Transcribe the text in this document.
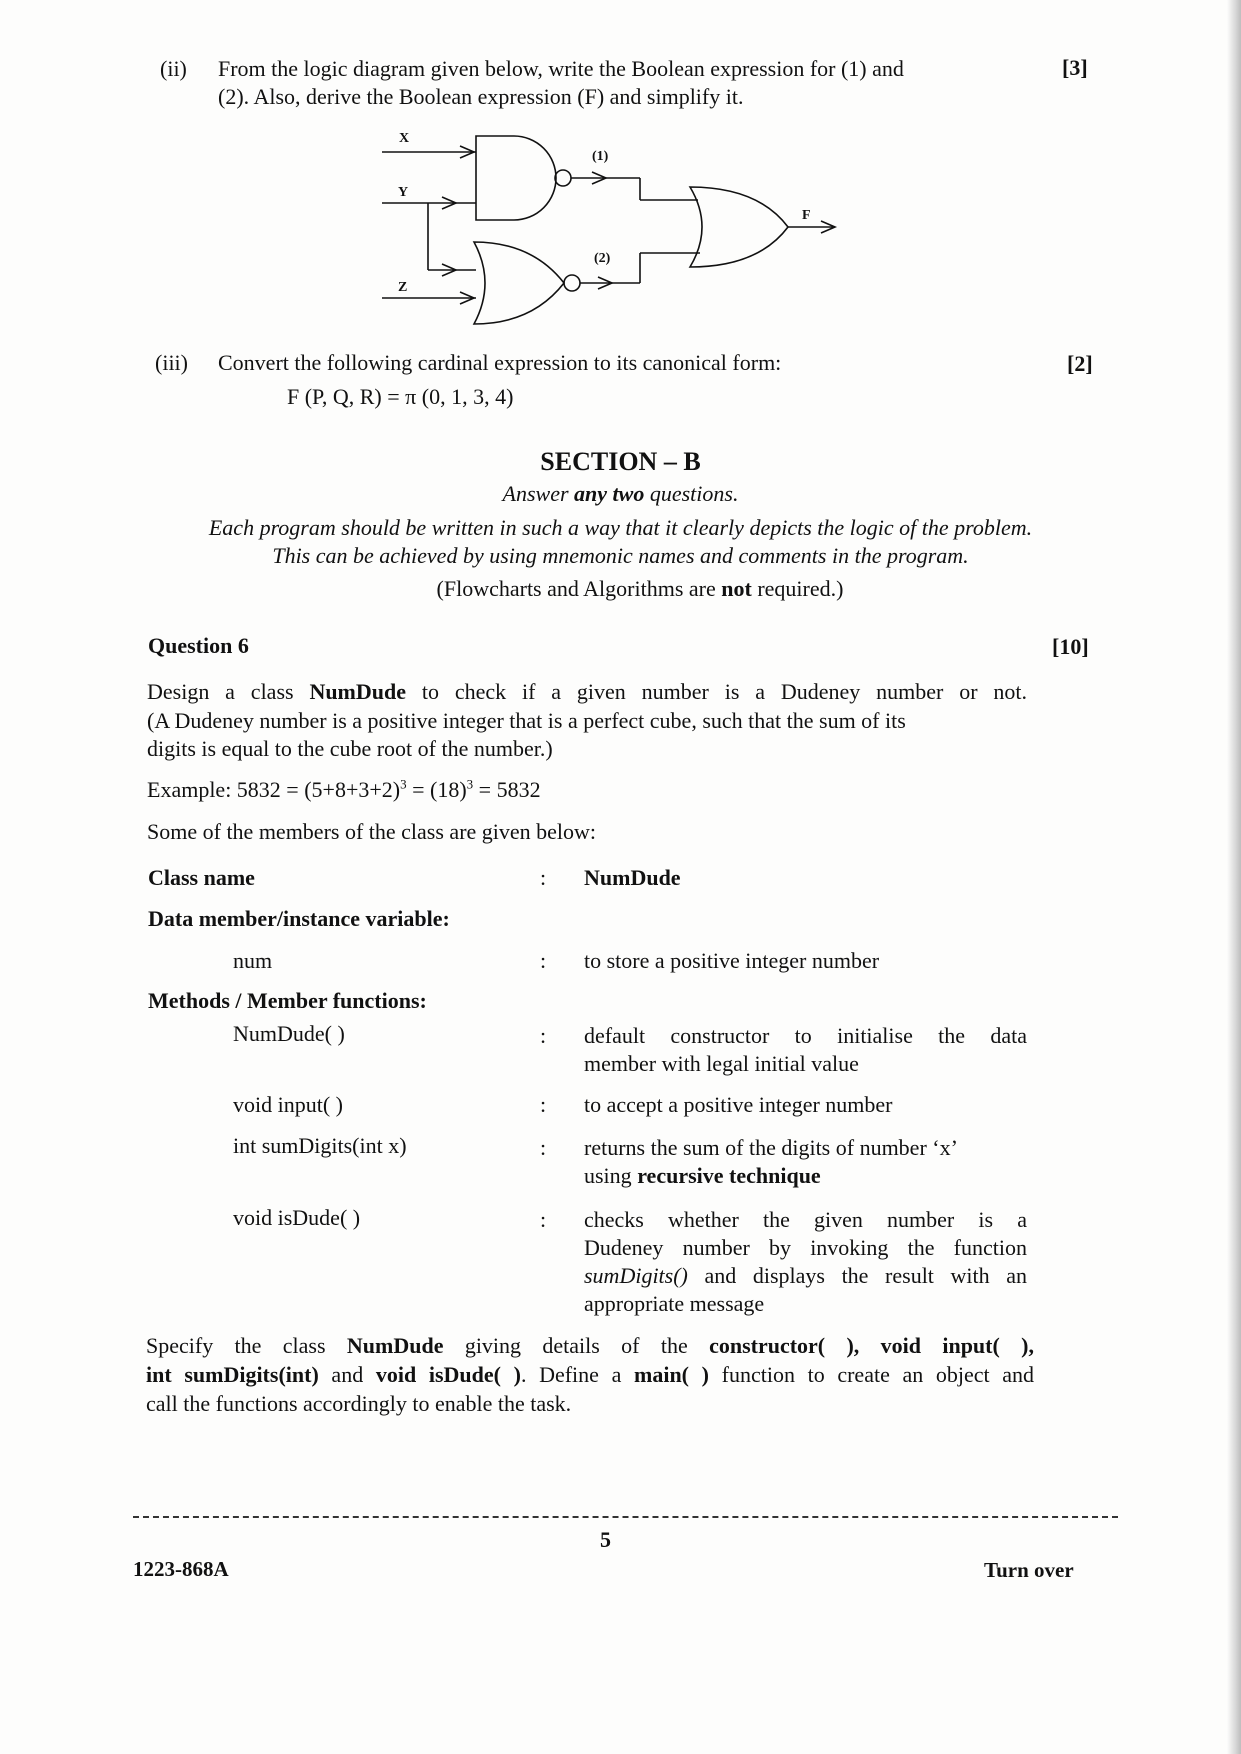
(ii) From the logic diagram given below, write the Boolean expression for (1) and
(2). Also, derive the Boolean expression (F) and simplify it.
[3]
X
Y
Z
(1)
(2)
F
(iii) Convert the following cardinal expression to its canonical form:
F (P, Q, R) = π (0, 1, 3, 4)
[2]
SECTION – B
Answer any two questions.
Each program should be written in such a way that it clearly depicts the logic of the problem.
This can be achieved by using mnemonic names and comments in the program.
(Flowcharts and Algorithms are not required.)
Question 6	[10]
Design a class NumDude to check if a given number is a Dudeney number or not.
(A Dudeney number is a positive integer that is a perfect cube, such that the sum of its
digits is equal to the cube root of the number.)
Example: $5832 = (5+8+3+2)^3 = (18)^3 = 5832$
Some of the members of the class are given below:
Class name	: NumDude
Data member/instance variable:
num	: to store a positive integer number
Methods / Member functions:
NumDude( )	: default constructor to initialise the data
member with legal initial value
void input( )	: to accept a positive integer number
int sumDigits(int x)	: returns the sum of the digits of number ‘x’
using recursive technique
void isDude( )	: checks whether the given number is a
Dudeney number by invoking the function
sumDigits() and displays the result with an
appropriate message
Specify the class NumDude giving details of the constructor( ), void input( ),
int sumDigits(int) and void isDude( ). Define a main( ) function to create an object and
call the functions accordingly to enable the task.
5
1223-868A	Turn over
